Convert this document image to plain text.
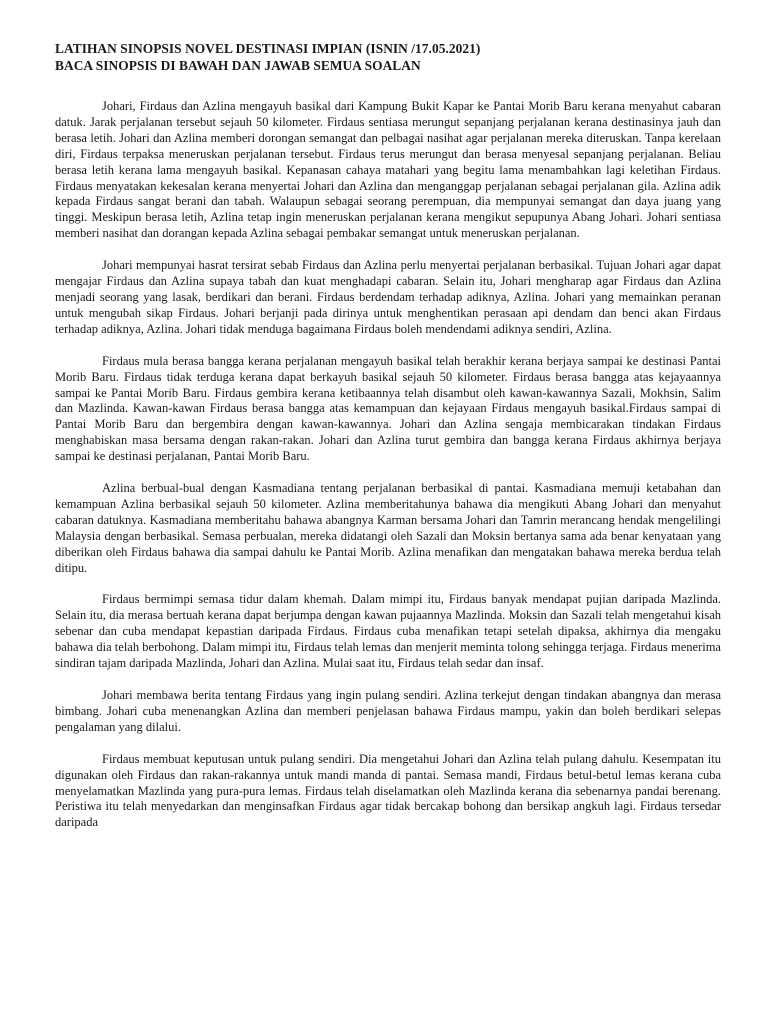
LATIHAN SINOPSIS NOVEL DESTINASI IMPIAN (ISNIN /17.05.2021)

BACA SINOPSIS DI BAWAH DAN JAWAB SEMUA SOALAN

Johari, Firdaus dan Azlina mengayuh basikal dari Kampung Bukit Kapar ke Pantai Morib Baru kerana menyahut cabaran datuk. Jarak perjalanan tersebut sejauh 50 kilometer. Firdaus sentiasa merungut sepanjang perjalanan kerana destinasinya jauh dan berasa letih. Johari dan Azlina memberi dorongan semangat dan pelbagai nasihat agar perjalanan mereka diteruskan. Tanpa kerelaan diri, Firdaus terpaksa meneruskan perjalanan tersebut. Firdaus terus merungut dan berasa menyesal sepanjang perjalanan. Beliau berasa letih kerana lama mengayuh basikal. Kepanasan cahaya matahari yang begitu lama menambahkan lagi keletihan Firdaus. Firdaus menyatakan kekesalan kerana menyertai Johari dan Azlina dan menganggap perjalanan sebagai perjalanan gila. Azlina adik kepada Firdaus sangat berani dan tabah. Walaupun sebagai seorang perempuan, dia mempunyai semangat dan daya juang yang tinggi. Meskipun berasa letih, Azlina tetap ingin meneruskan perjalanan kerana mengikut sepupunya Abang Johari. Johari sentiasa memberi nasihat dan dorangan kepada Azlina sebagai pembakar semangat untuk meneruskan perjalanan.

Johari mempunyai hasrat tersirat sebab Firdaus dan Azlina perlu menyertai perjalanan berbasikal. Tujuan Johari agar dapat mengajar Firdaus dan Azlina supaya tabah dan kuat menghadapi cabaran. Selain itu, Johari mengharap agar Firdaus dan Azlina menjadi seorang yang lasak, berdikari dan berani. Firdaus berdendam terhadap adiknya, Azlina. Johari yang memainkan peranan untuk mengubah sikap Firdaus. Johari berjanji pada dirinya untuk menghentikan perasaan api dendam dan benci akan Firdaus terhadap adiknya, Azlina. Johari tidak menduga bagaimana Firdaus boleh mendendami adiknya sendiri, Azlina.

Firdaus mula berasa bangga kerana perjalanan mengayuh basikal telah berakhir kerana berjaya sampai ke destinasi Pantai Morib Baru. Firdaus tidak terduga kerana dapat berkayuh basikal sejauh 50 kilometer. Firdaus berasa bangga atas kejayaannya sampai ke Pantai Morib Baru. Firdaus gembira kerana ketibaannya telah disambut oleh kawan-kawannya Sazali, Mokhsin, Salim dan Mazlinda. Kawan-kawan Firdaus berasa bangga atas kemampuan dan kejayaan Firdaus mengayuh basikal.Firdaus sampai di Pantai Morib Baru dan bergembira dengan kawan-kawannya. Johari dan Azlina sengaja membicarakan tindakan Firdaus menghabiskan masa bersama dengan rakan-rakan. Johari dan Azlina turut gembira dan bangga kerana Firdaus akhirnya berjaya sampai ke destinasi perjalanan, Pantai Morib Baru.

Azlina berbual-bual dengan Kasmadiana tentang perjalanan berbasikal di pantai. Kasmadiana memuji ketabahan dan kemampuan Azlina berbasikal sejauh 50 kilometer. Azlina memberitahunya bahawa dia mengikuti Abang Johari dan menyahut cabaran datuknya. Kasmadiana memberitahu bahawa abangnya Karman bersama Johari dan Tamrin merancang hendak mengelilingi Malaysia dengan berbasikal. Semasa perbualan, mereka didatangi oleh Sazali dan Moksin bertanya sama ada benar kenyataan yang diberikan oleh Firdaus bahawa dia sampai dahulu ke Pantai Morib. Azlina menafikan dan mengatakan bahawa mereka berdua telah ditipu.

Firdaus bermimpi semasa tidur dalam khemah. Dalam mimpi itu, Firdaus banyak mendapat pujian daripada Mazlinda. Selain itu, dia merasa bertuah kerana dapat berjumpa dengan kawan pujaannya Mazlinda. Moksin dan Sazali telah mengetahui kisah sebenar dan cuba mendapat kepastian daripada Firdaus. Firdaus cuba menafikan tetapi setelah dipaksa, akhirnya dia mengaku bahawa dia telah berbohong. Dalam mimpi itu, Firdaus telah lemas dan menjerit meminta tolong sehingga terjaga. Firdaus menerima sindiran tajam daripada Mazlinda, Johari dan Azlina. Mulai saat itu, Firdaus telah sedar dan insaf.

Johari membawa berita tentang Firdaus yang ingin pulang sendiri. Azlina terkejut dengan tindakan abangnya dan merasa bimbang. Johari cuba menenangkan Azlina dan memberi penjelasan bahawa Firdaus mampu, yakin dan boleh berdikari selepas pengalaman yang dilalui.

Firdaus membuat keputusan untuk pulang sendiri. Dia mengetahui Johari dan Azlina telah pulang dahulu. Kesempatan itu digunakan oleh Firdaus dan rakan-rakannya untuk mandi manda di pantai. Semasa mandi, Firdaus betul-betul lemas kerana cuba menyelamatkan Mazlinda yang pura-pura lemas. Firdaus telah diselamatkan oleh Mazlinda kerana dia sebenarnya pandai berenang. Peristiwa itu telah menyedarkan dan menginsafkan Firdaus agar tidak bercakap bohong dan bersikap angkuh lagi. Firdaus tersedar daripada
